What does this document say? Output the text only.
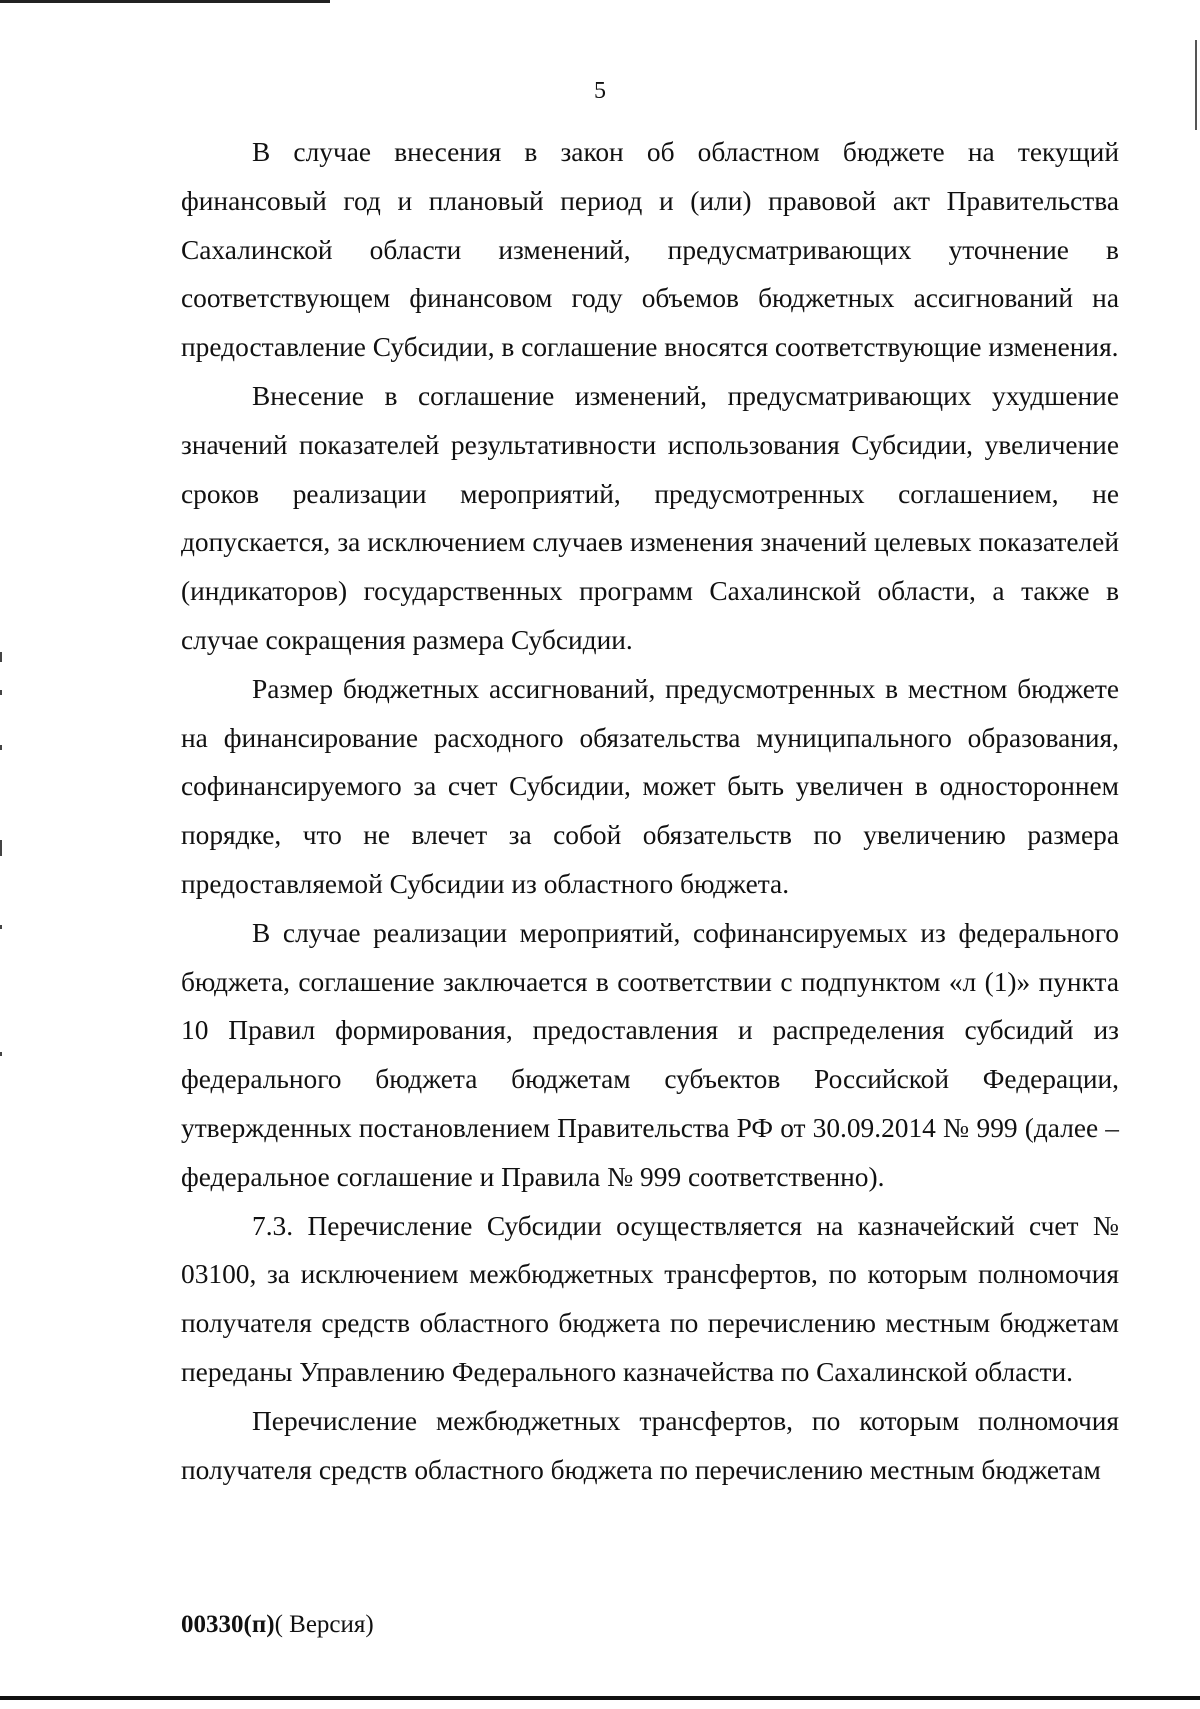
5

В случае внесения в закон об областном бюджете на текущий финансовый год и плановый период и (или) правовой акт Правительства Сахалинской области изменений, предусматривающих уточнение в соответствующем финансовом году объемов бюджетных ассигнований на предоставление Субсидии, в соглашение вносятся соответствующие изменения.

Внесение в соглашение изменений, предусматривающих ухудшение значений показателей результативности использования Субсидии, увеличение сроков реализации мероприятий, предусмотренных соглашением, не допускается, за исключением случаев изменения значений целевых показателей (индикаторов) государственных программ Сахалинской области, а также в случае сокращения размера Субсидии.

Размер бюджетных ассигнований, предусмотренных в местном бюджете на финансирование расходного обязательства муниципального образования, софинансируемого за счет Субсидии, может быть увеличен в одностороннем порядке, что не влечет за собой обязательств по увеличению размера предоставляемой Субсидии из областного бюджета.

В случае реализации мероприятий, софинансируемых из федерального бюджета, соглашение заключается в соответствии с подпунктом «л (1)» пункта 10 Правил формирования, предоставления и распределения субсидий из федерального бюджета бюджетам субъектов Российской Федерации, утвержденных постановлением Правительства РФ от 30.09.2014 № 999 (далее – федеральное соглашение и Правила № 999 соответственно).

7.3. Перечисление Субсидии осуществляется на казначейский счет № 03100, за исключением межбюджетных трансфертов, по которым полномочия получателя средств областного бюджета по перечислению местным бюджетам переданы Управлению Федерального казначейства по Сахалинской области.

Перечисление межбюджетных трансфертов, по которым полномочия получателя средств областного бюджета по перечислению местным бюджетам

00330(п)( Версия)
